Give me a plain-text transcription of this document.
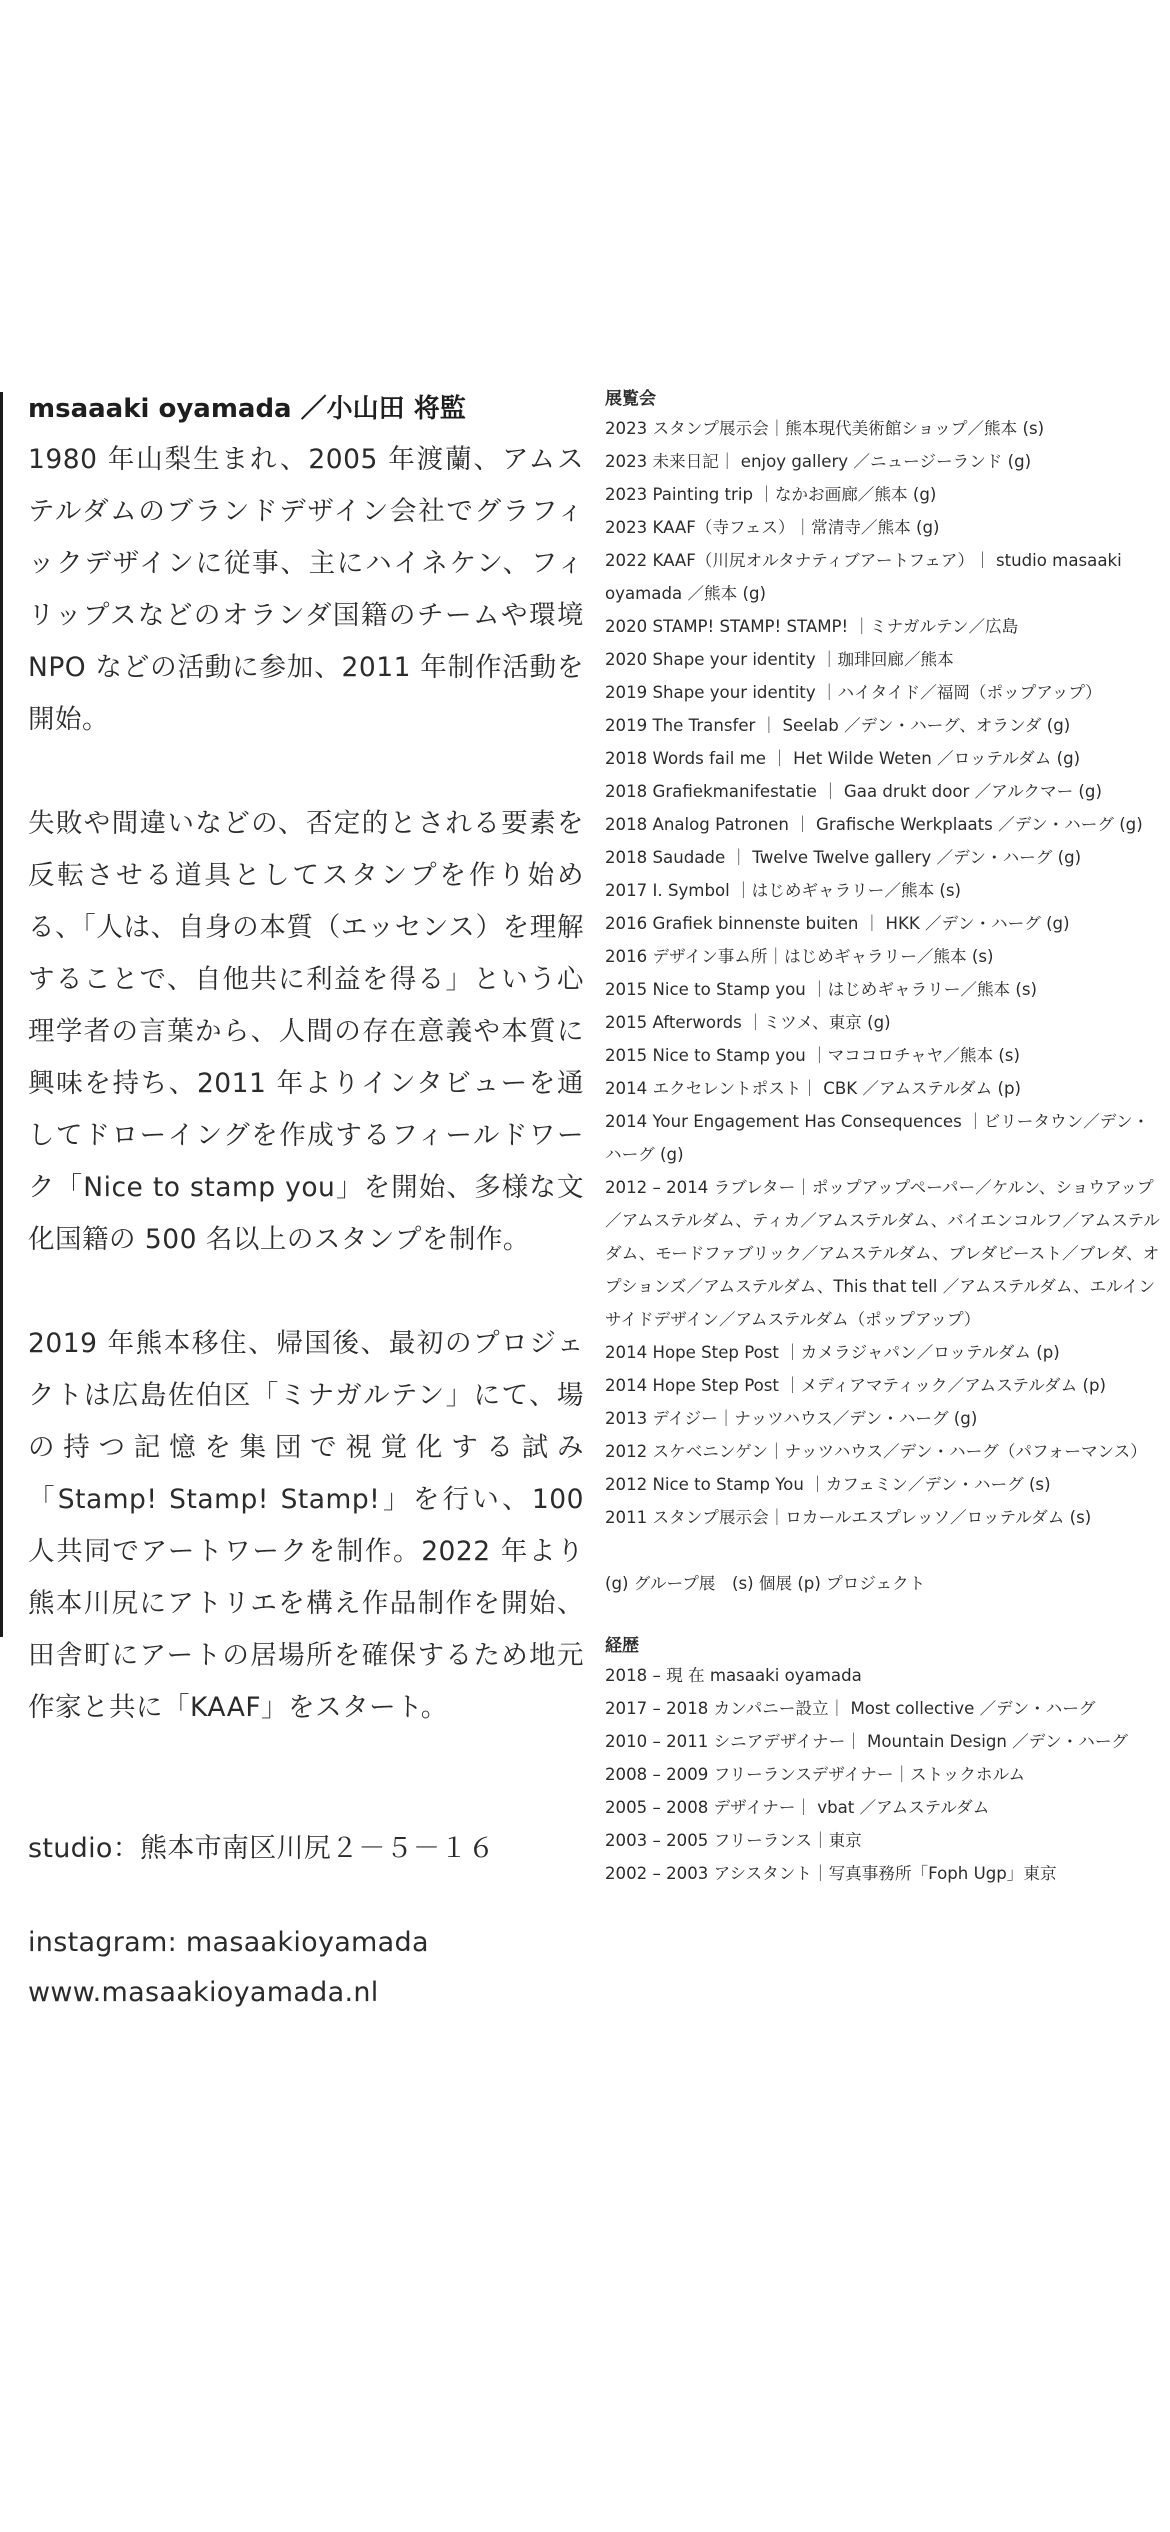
msaaaki oyamada ／小山田 将監

1980 年山梨生まれ、2005 年渡蘭、アムステルダムのブランドデザイン会社でグラフィックデザインに従事、主にハイネケン、フィリップスなどのオランダ国籍のチームや環境 NPO などの活動に参加、2011 年制作活動を開始。

失敗や間違いなどの、否定的とされる要素を反転させる道具としてスタンプを作り始める、「人は、自身の本質（エッセンス）を理解することで、自他共に利益を得る」という心理学者の言葉から、人間の存在意義や本質に興味を持ち、2011 年よりインタビューを通してドローイングを作成するフィールドワーク「Nice to stamp you」を開始、多様な文化国籍の 500 名以上のスタンプを制作。

2019 年熊本移住、帰国後、最初のプロジェクトは広島佐伯区「ミナガルテン」にて、場の持つ記憶を集団で視覚化する試み「Stamp! Stamp! Stamp!」を行い、100 人共同でアートワークを制作。2022 年より熊本川尻にアトリエを構え作品制作を開始、田舎町にアートの居場所を確保するため地元作家と共に「KAAF」をスタート。

studio：熊本市南区川尻２－５－１６
instagram: masaakioyamada
www.masaakioyamada.nl
展覧会
2023 スタンプ展示会｜熊本現代美術館ショップ／熊本 (s)
2023 未来日記｜ enjoy gallery ／ニュージーランド (g)
2023 Painting trip ｜なかお画廊／熊本 (g)
2023 KAAF（寺フェス）｜常清寺／熊本 (g)
2022 KAAF（川尻オルタナティブアートフェア）｜ studio masaaki oyamada ／熊本 (g)
2020 STAMP! STAMP! STAMP! ｜ミナガルテン／広島
2020 Shape your identity ｜珈琲回廊／熊本
2019 Shape your identity ｜ハイタイド／福岡（ポップアップ）
2019 The Transfer ｜ Seelab ／デン・ハーグ、オランダ (g)
2018 Words fail me ｜ Het Wilde Weten ／ロッテルダム (g)
2018 Grafiekmanifestatie ｜ Gaa drukt door ／アルクマー (g)
2018 Analog Patronen ｜ Grafische Werkplaats ／デン・ハーグ (g)
2018 Saudade ｜ Twelve Twelve gallery ／デン・ハーグ (g)
2017 I. Symbol ｜はじめギャラリー／熊本 (s)
2016 Grafiek binnenste buiten ｜ HKK ／デン・ハーグ (g)
2016 デザイン事ム所｜はじめギャラリー／熊本 (s)
2015 Nice to Stamp you ｜はじめギャラリー／熊本 (s)
2015 Afterwords ｜ミツメ、東京 (g)
2015 Nice to Stamp you ｜マココロチャヤ／熊本 (s)
2014 エクセレントポスト｜ CBK ／アムステルダム (p)
2014 Your Engagement Has Consequences ｜ビリータウン／デン・ハーグ (g)
2012 – 2014 ラブレター｜ポップアップペーパー／ケルン、ショウアップ／アムステルダム、ティカ／アムステルダム、バイエンコルフ／アムステルダム、モードファブリック／アムステルダム、ブレダビースト／ブレダ、オプションズ／アムステルダム、This that tell ／アムステルダム、エルインサイドデザイン／アムステルダム（ポップアップ）
2014 Hope Step Post ｜カメラジャパン／ロッテルダム (p)
2014 Hope Step Post ｜メディアマティック／アムステルダム (p)
2013 デイジー｜ナッツハウス／デン・ハーグ (g)
2012 スケベニンゲン｜ナッツハウス／デン・ハーグ（パフォーマンス）
2012 Nice to Stamp You ｜カフェミン／デン・ハーグ (s)
2011 スタンプ展示会｜ロカールエスプレッソ／ロッテルダム (s)
(g) グループ展　(s) 個展 (p) プロジェクト
経歴
2018 – 現 在 masaaki oyamada
2017 – 2018 カンパニー設立｜ Most collective ／デン・ハーグ
2010 – 2011 シニアデザイナー｜ Mountain Design ／デン・ハーグ
2008 – 2009 フリーランスデザイナー｜ストックホルム
2005 – 2008 デザイナー｜ vbat ／アムステルダム
2003 – 2005 フリーランス｜東京
2002 – 2003 アシスタント｜写真事務所「Foph Ugp」東京
